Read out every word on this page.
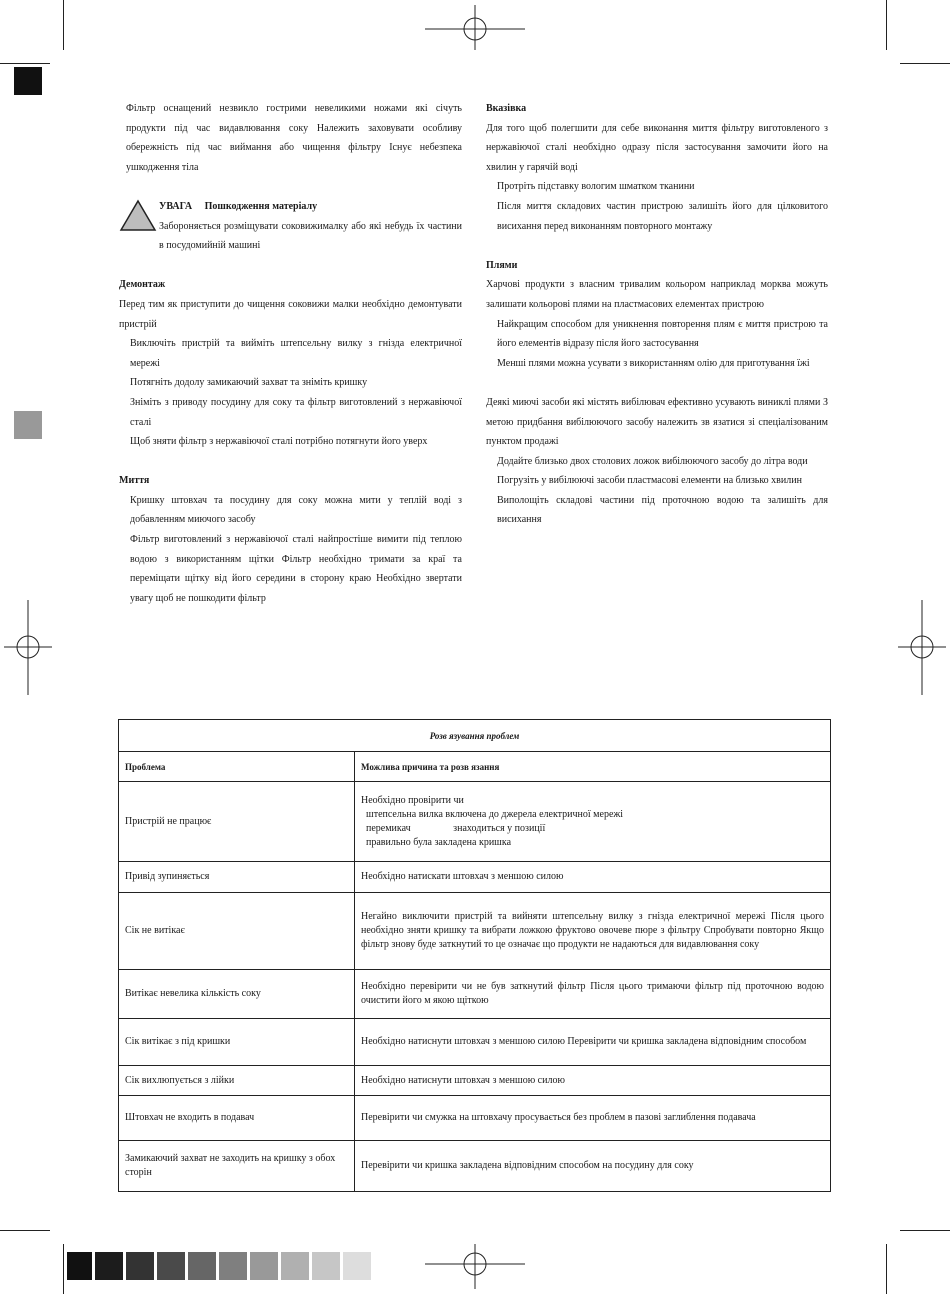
Фільтр оснащений незвикло гострими невеликими ножами які січуть продукти під час видавлювання соку Належить заховувати особливу обережність під час виймання або чищення фільтру Існує небезпека ушкодження тіла

УВАГА Пошкодження матеріалу

Забороняється розміщувати соковижималку або які небудь їх частини в посудомийній машині

Демонтаж

Перед тим як приступити до чищення соковижи малки необхідно демонтувати пристрій

Виключіть пристрій та вийміть штепсельну вилку з гнізда електричної мережі

Потягніть додолу замикаючий захват та зніміть кришку

Зніміть з приводу посудину для соку та фільтр виготовлений з нержавіючої сталі

Щоб зняти фільтр з нержавіючої сталі потрібно потягнути його уверх

Миття

Кришку штовхач та посудину для соку можна мити у теплій воді з добавленням миючого засобу

Фільтр виготовлений з нержавіючої сталі найпростіше вимити під теплою водою з використанням щітки Фільтр необхідно тримати за краї та переміщати щітку від його середини в сторону краю Необхідно звертати увагу щоб не пошкодити фільтр

Вказівка

Для того щоб полегшити для себе виконання миття фільтру виготовленого з нержавіючої сталі необхідно одразу після застосування замочити його на хвилин у гарячій воді

Протріть підставку вологим шматком тканини

Після миття складових частин пристрою залишіть його для цілковитого висихання перед виконанням повторного монтажу

Плями

Харчові продукти з власним тривалим кольором наприклад морква можуть залишати кольорові плями на пластмасових елементах пристрою

Найкращим способом для уникнення повторення плям є миття пристрою та його елементів відразу після його застосування

Менші плями можна усувати з використанням олію для приготування їжі

Деякі миючі засоби які містять вибілювач ефективно усувають виниклі плями З метою придбання вибілюючого засобу належить зв язатися зі спеціалізованим пунктом продажі

Додайте близько двох столових ложок вибілюючого засобу до літра води

Погрузіть у вибілюючі засоби пластмасові елементи на близько хвилин

Виполощіть складові частини під проточною водою та залишіть для висихання

Розв язування проблем	
Проблема	Можлива причина та розв язання
Пристрій не працює	Необхідно провірити чи
штепсельна вилка включена до джерела електричної мережі
перемикач                 знаходиться у позиції
правильно була закладена кришка

Привід зупиняється	Необхідно натискати штовхач з меншою силою
Сік не витікає	Негайно виключити пристрій та вийняти штепсельну вилку з гнізда електричної мережі Після цього необхідно зняти кришку та вибрати ложкою фруктово овочеве пюре з фільтру Спробувати повторно Якщо фільтр знову буде заткнутий то це означає що продукти не надаються для видавлювання соку
Витікає невелика кількість соку	Необхідно перевірити чи не був заткнутий фільтр Після цього тримаючи фільтр під проточною водою очистити його м якою щіткою
Сік витікає з під кришки	Необхідно натиснути штовхач з меншою силою Перевірити чи кришка закладена відповідним способом
Сік вихлюпується з лійки	Необхідно натиснути штовхач з меншою силою
Штовхач не входить в подавач	Перевірити чи смужка на штовхачу просувається без проблем в пазові заглиблення подавача
Замикаючий захват не заходить на кришку з обох сторін	Перевірити чи кришка закладена відповідним способом на посудину для соку
